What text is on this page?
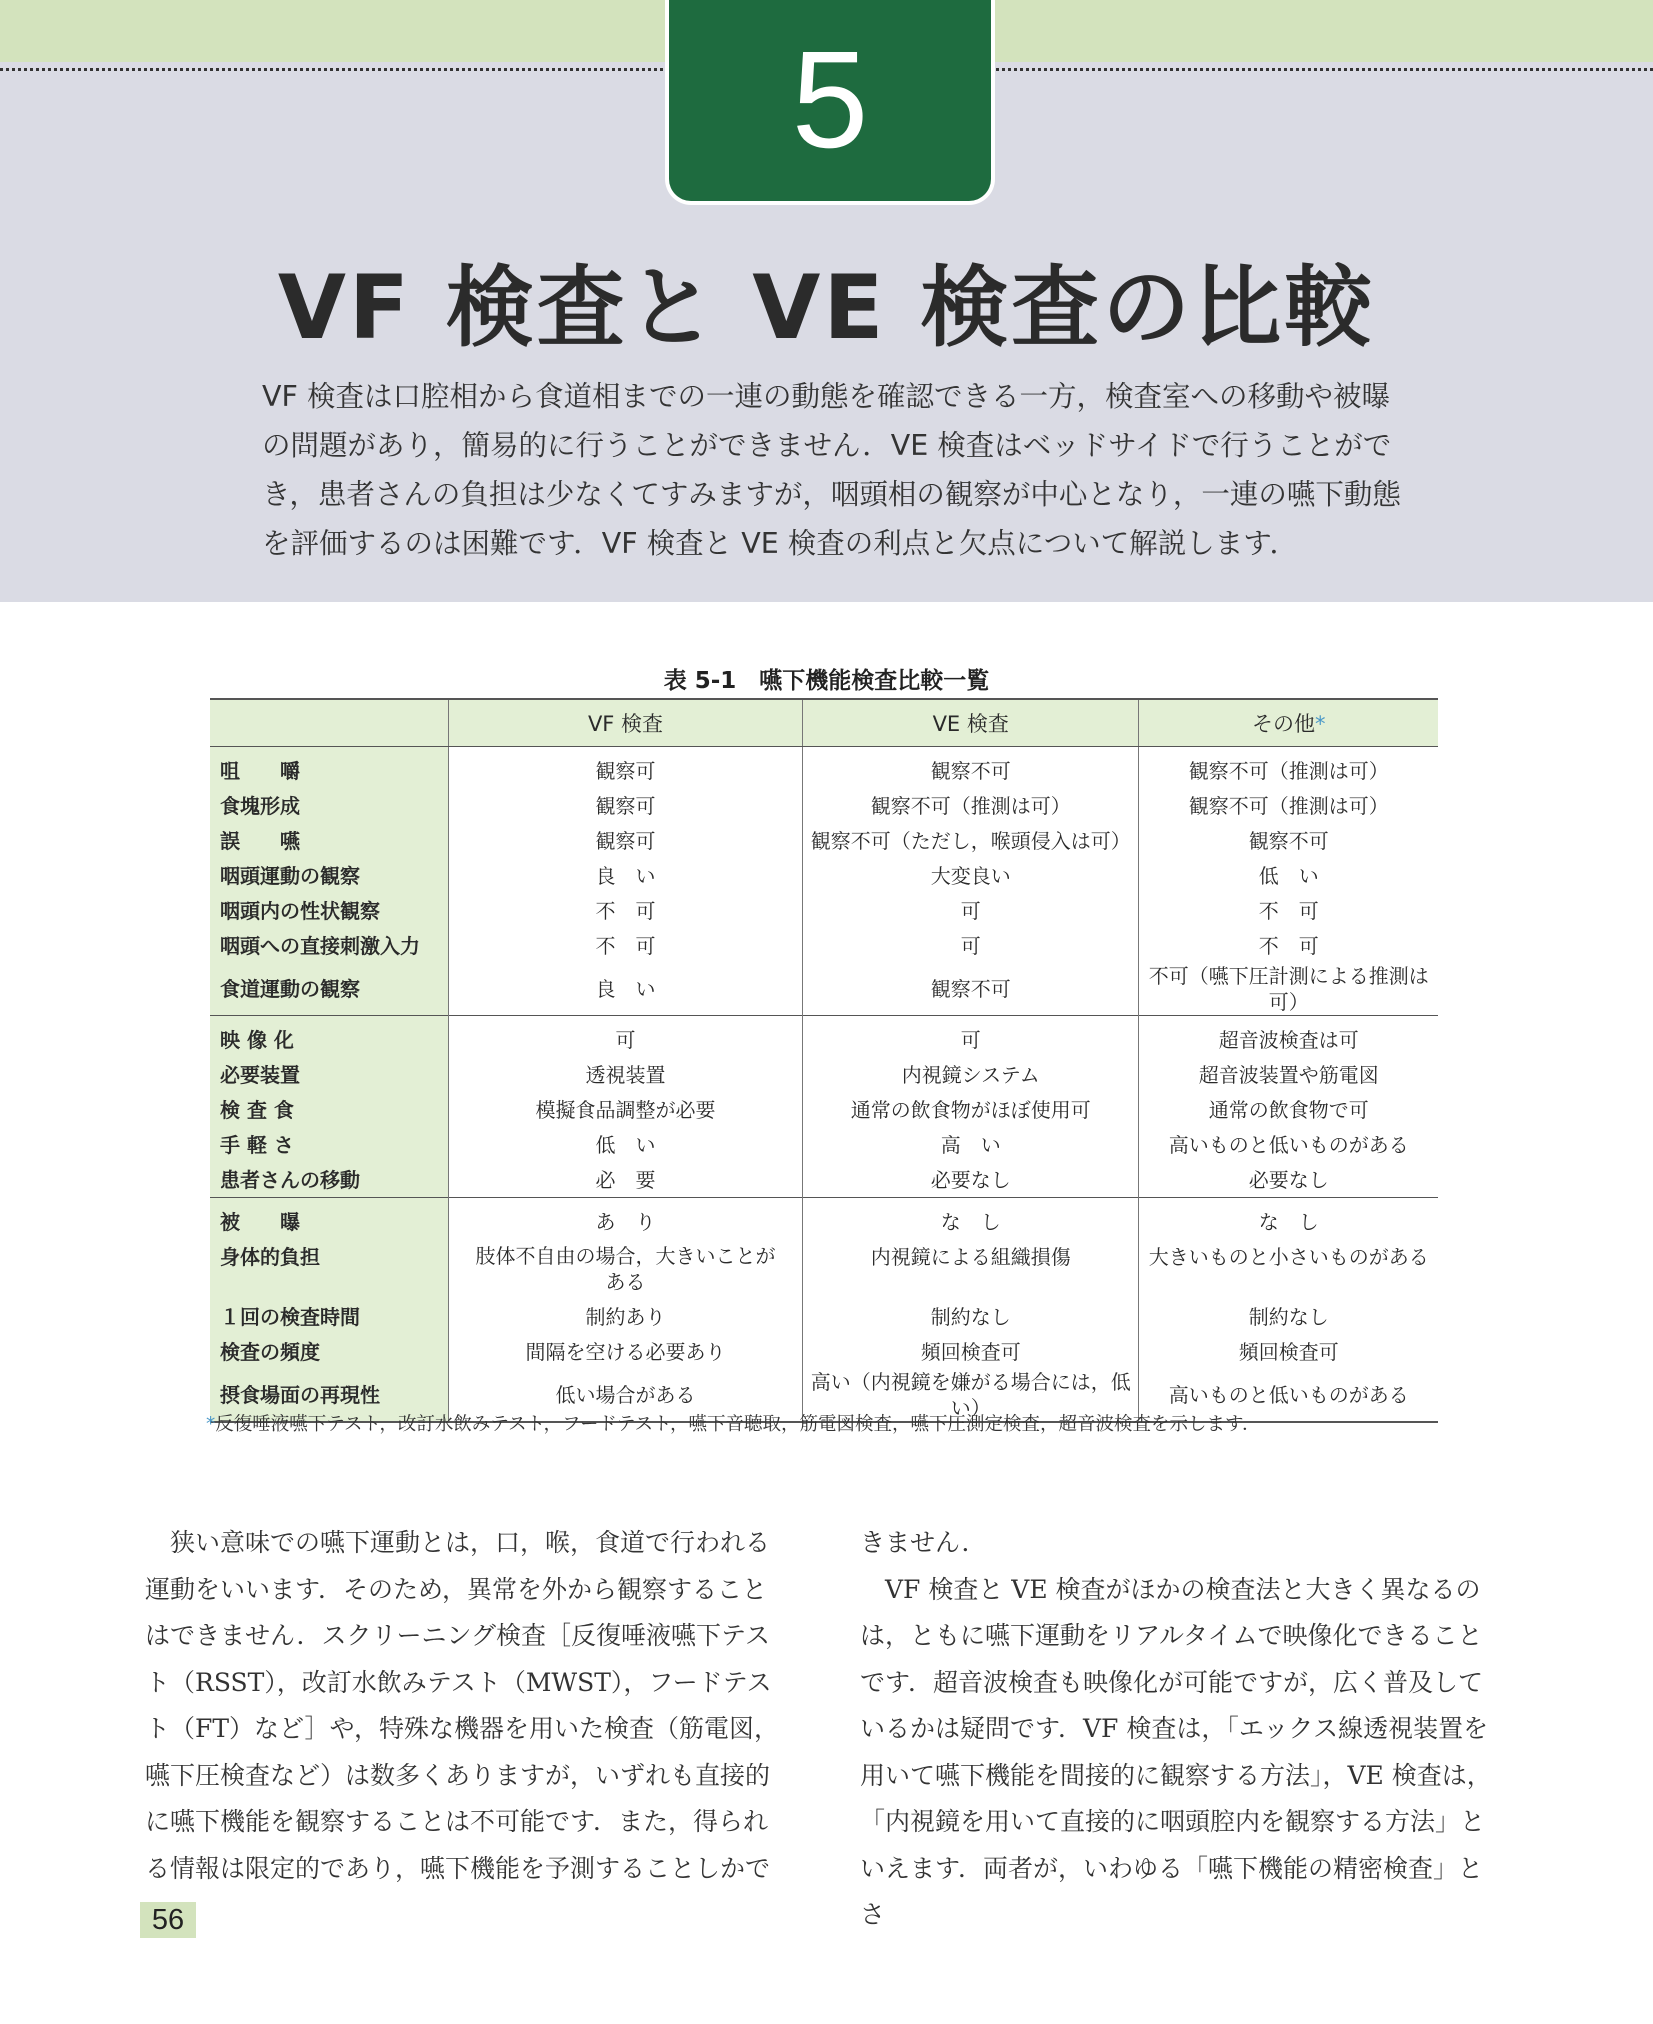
5
VF 検査と VE 検査の比較

VF 検査は口腔相から食道相までの一連の動態を確認できる一方，検査室への移動や被曝の問題があり，簡易的に行うことができません．VE 検査はベッドサイドで行うことができ，患者さんの負担は少なくてすみますが，咽頭相の観察が中心となり，一連の嚥下動態を評価するのは困難です．VF 検査と VE 検査の利点と欠点について解説します．

表 5-1　嚥下機能検査比較一覧
	VF 検査	VE 検査	その他*
咀　　嚼	観察可	観察不可	観察不可（推測は可）
食塊形成	観察可	観察不可（推測は可）	観察不可（推測は可）
誤　　嚥	観察可	観察不可（ただし，喉頭侵入は可）	観察不可
咽頭運動の観察	良　い	大変良い	低　い
咽頭内の性状観察	不　可	可	不　可
咽頭への直接刺激入力	不　可	可	不　可
食道運動の観察	良　い	観察不可	不可（嚥下圧計測による推測は可）
映 像 化	可	可	超音波検査は可
必要装置	透視装置	内視鏡システム	超音波装置や筋電図
検 査 食	模擬食品調整が必要	通常の飲食物がほぼ使用可	通常の飲食物で可
手 軽 さ	低　い	高　い	高いものと低いものがある
患者さんの移動	必　要	必要なし	必要なし
被　　曝	あ　り	な　し	な　し
身体的負担	肢体不自由の場合，大きいことがある	内視鏡による組織損傷	大きいものと小さいものがある
１回の検査時間	制約あり	制約なし	制約なし
検査の頻度	間隔を空ける必要あり	頻回検査可	頻回検査可
摂食場面の再現性	低い場合がある	高い（内視鏡を嫌がる場合には，低い）	高いものと低いものがある
*反復唾液嚥下テスト，改訂水飲みテスト，フードテスト，嚥下音聴取，筋電図検査，嚥下圧測定検査，超音波検査を示します．

狭い意味での嚥下運動とは，口，喉，食道で行われる運動をいいます．そのため，異常を外から観察することはできません．スクリーニング検査［反復唾液嚥下テスト（RSST），改訂水飲みテスト（MWST），フードテスト（FT）など］や，特殊な機器を用いた検査（筋電図，嚥下圧検査など）は数多くありますが，いずれも直接的に嚥下機能を観察することは不可能です．また，得られる情報は限定的であり，嚥下機能を予測することしかで

きません．

VF 検査と VE 検査がほかの検査法と大きく異なるのは，ともに嚥下運動をリアルタイムで映像化できることです．超音波検査も映像化が可能ですが，広く普及しているかは疑問です．VF 検査は，「エックス線透視装置を用いて嚥下機能を間接的に観察する方法」，VE 検査は，「内視鏡を用いて直接的に咽頭腔内を観察する方法」といえます．両者が，いわゆる「嚥下機能の精密検査」とさ

56
